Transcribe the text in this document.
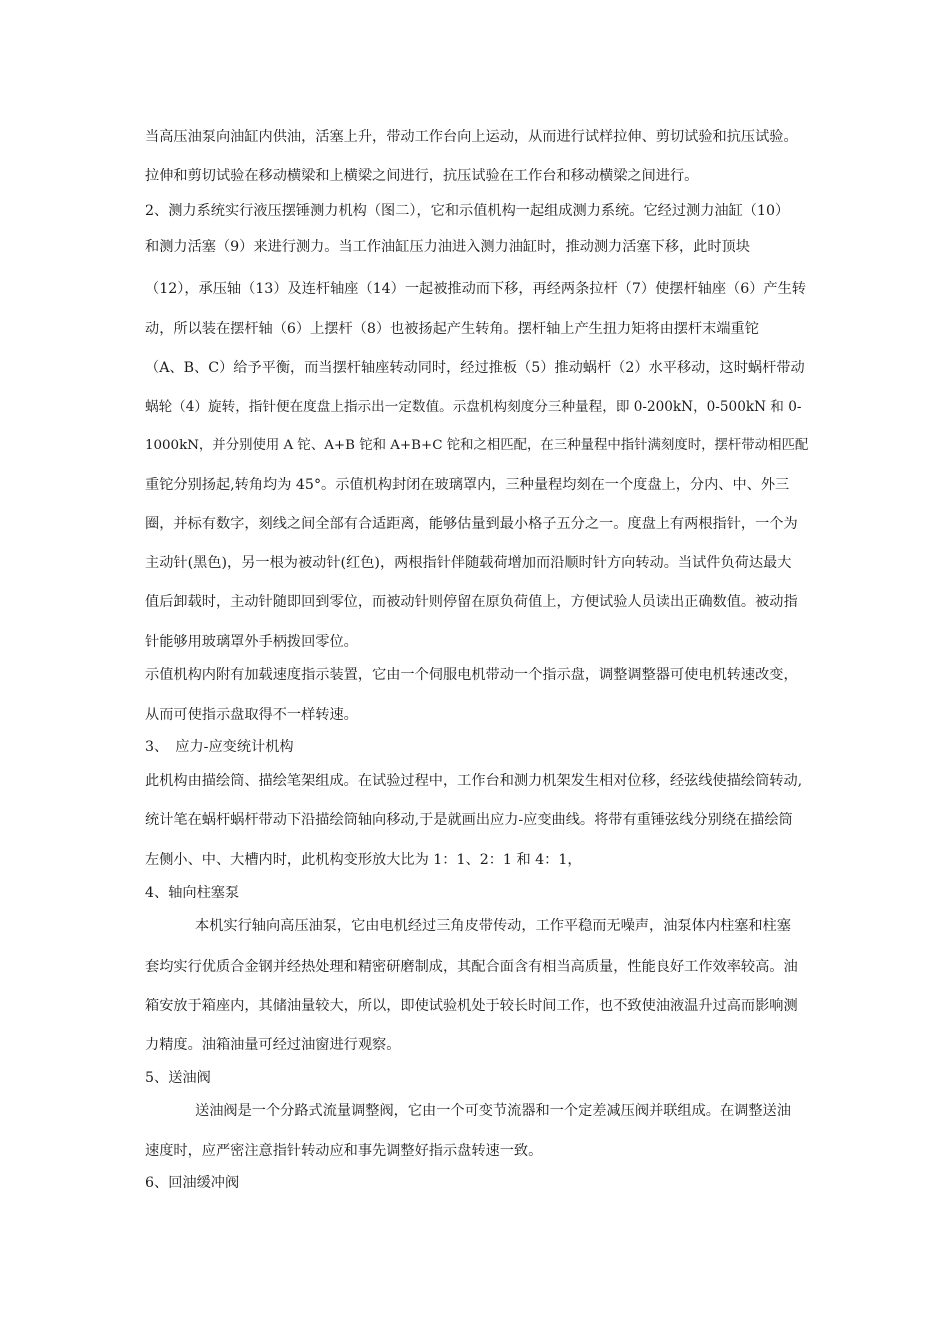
当高压油泵向油缸内供油，活塞上升，带动工作台向上运动，从而进行试样拉伸、剪切试验和抗压试验。

拉伸和剪切试验在移动横梁和上横梁之间进行，抗压试验在工作台和移动横梁之间进行。

2、测力系统实行液压摆锤测力机构（图二），它和示值机构一起组成测力系统。它经过测力油缸（10）

和测力活塞（9）来进行测力。当工作油缸压力油进入测力油缸时，推动测力活塞下移，此时顶块

（12），承压轴（13）及连杆轴座（14）一起被推动而下移，再经两条拉杆（7）使摆杆轴座（6）产生转

动，所以装在摆杆轴（6）上摆杆（8）也被扬起产生转角。摆杆轴上产生扭力矩将由摆杆末端重铊

（A、B、C）给予平衡，而当摆杆轴座转动同时，经过推板（5）推动蜗杆（2）水平移动，这时蜗杆带动

蜗轮（4）旋转，指针便在度盘上指示出一定数值。示盘机构刻度分三种量程，即 0-200kN，0-500kN 和 0-

1000kN，并分别使用 A 铊、A+B 铊和 A+B+C 铊和之相匹配，在三种量程中指针满刻度时，摆杆带动相匹配

重铊分别扬起,转角均为 45°。示值机构封闭在玻璃罩内，三种量程均刻在一个度盘上，分内、中、外三

圈，并标有数字，刻线之间全部有合适距离，能够估量到最小格子五分之一。度盘上有两根指针，一个为

主动针(黑色)，另一根为被动针(红色)，两根指针伴随载荷增加而沿顺时针方向转动。当试件负荷达最大

值后卸载时，主动针随即回到零位，而被动针则停留在原负荷值上，方便试验人员读出正确数值。被动指

针能够用玻璃罩外手柄拨回零位。

示值机构内附有加载速度指示装置，它由一个伺服电机带动一个指示盘，调整调整器可使电机转速改变，

从而可使指示盘取得不一样转速。

3、　应力-应变统计机构

此机构由描绘筒、描绘笔架组成。在试验过程中，工作台和测力机架发生相对位移，经弦线使描绘筒转动,

统计笔在蜗杆蜗杆带动下沿描绘筒轴向移动,于是就画出应力-应变曲线。将带有重锤弦线分别绕在描绘筒

左侧小、中、大槽内时，此机构变形放大比为 1：1、2：1 和 4：1，

4、轴向柱塞泵

本机实行轴向高压油泵，它由电机经过三角皮带传动，工作平稳而无噪声，油泵体内柱塞和柱塞

套均实行优质合金钢并经热处理和精密研磨制成，其配合面含有相当高质量，性能良好工作效率较高。油

箱安放于箱座内，其储油量较大，所以，即使试验机处于较长时间工作，也不致使油液温升过高而影响测

力精度。油箱油量可经过油窗进行观察。

5、送油阀

送油阀是一个分路式流量调整阀，它由一个可变节流器和一个定差减压阀并联组成。在调整送油

速度时，应严密注意指针转动应和事先调整好指示盘转速一致。

6、回油缓冲阀
